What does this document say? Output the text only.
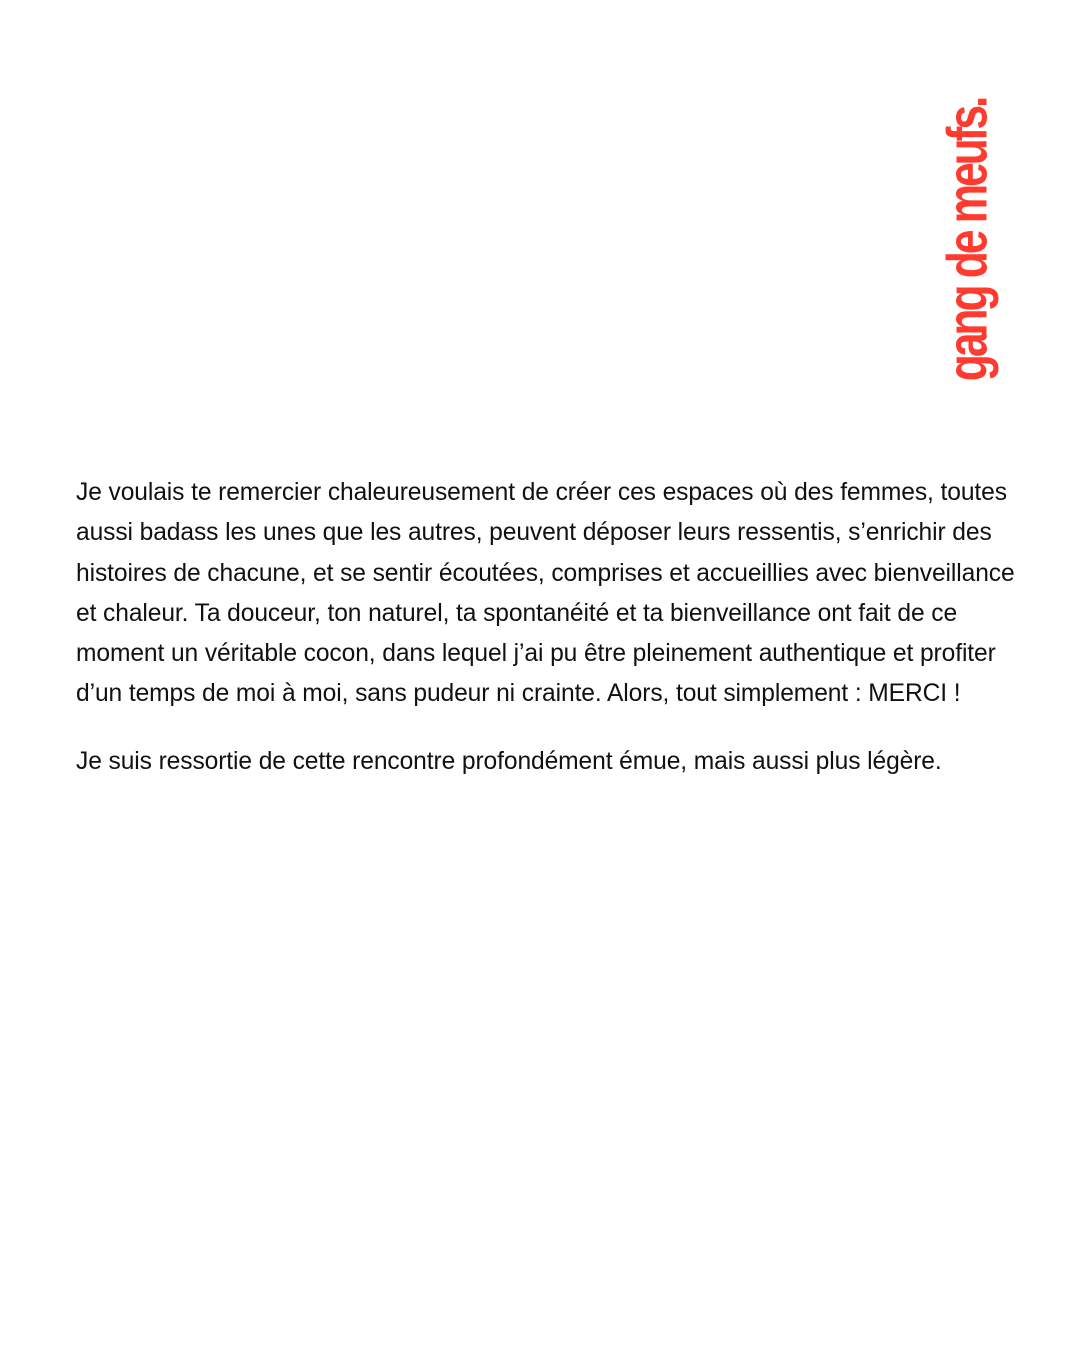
gang de meufs.

Je voulais te remercier chaleureusement de créer ces espaces où des femmes, toutes aussi badass les unes que les autres, peuvent déposer leurs ressentis, s’enrichir des histoires de chacune, et se sentir écoutées, comprises et accueillies avec bienveillance et chaleur. Ta douceur, ton naturel, ta spontanéité et ta bienveillance ont fait de ce moment un véritable cocon, dans lequel j’ai pu être pleinement authentique et profiter d’un temps de moi à moi, sans pudeur ni crainte. Alors, tout simplement : MERCI !

Je suis ressortie de cette rencontre profondément émue, mais aussi plus légère.
